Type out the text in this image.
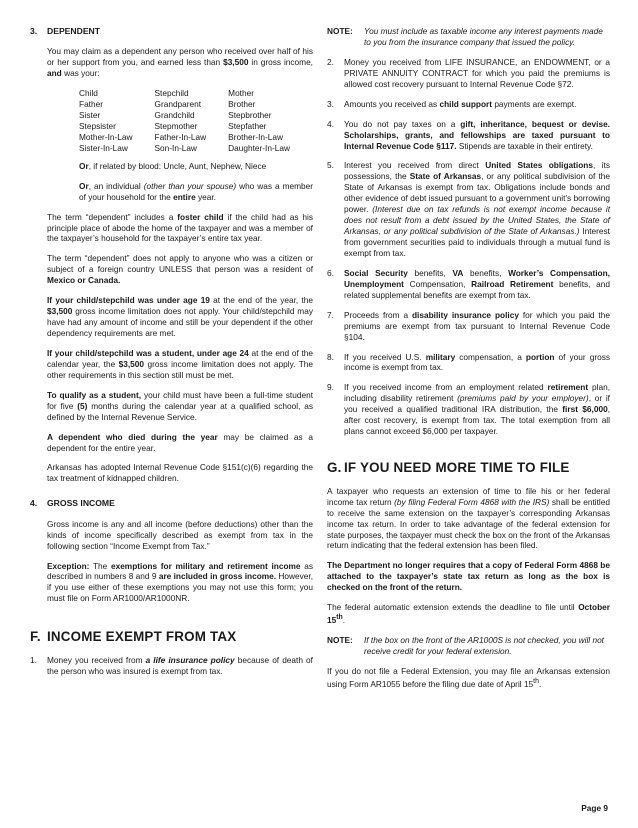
3.	DEPENDENT

You may claim as a dependent any person who received over half of his or her support from you, and earned less than $3,500 in gross income, and was your:

Child	Stepchild	Mother
Father	Grandparent	Brother
Sister	Grandchild	Stepbrother
Stepsister	Stepmother	Stepfather
Mother-In-Law	Father-In-Law	Brother-In-Law
Sister-In-Law	Son-In-Law	Daughter-In-Law

Or, if related by blood: Uncle, Aunt, Nephew, Niece

Or, an individual (other than your spouse) who was a member of your household for the entire year.

The term “dependent” includes a foster child if the child had as his principle place of abode the home of the taxpayer and was a member of the taxpayer’s household for the taxpayer’s entire tax year.

The term “dependent” does not apply to anyone who was a citizen or subject of a foreign country UNLESS that person was a resident of Mexico or Canada.

If your child/stepchild was under age 19 at the end of the year, the $3,500 gross income limitation does not apply. Your child/stepchild may have had any amount of income and still be your dependent if the other dependency requirements are met.

If your child/stepchild was a student, under age 24 at the end of the calendar year, the $3,500 gross income limitation does not apply. The other requirements in this section still must be met.

To qualify as a student, your child must have been a full-time student for five (5) months during the calendar year at a qualified school, as defined by the Internal Revenue Service.

A dependent who died during the year may be claimed as a dependent for the entire year.

Arkansas has adopted Internal Revenue Code §151(c)(6) regarding the tax treatment of kidnapped children.

4.	GROSS INCOME

Gross income is any and all income (before deductions) other than the kinds of income specifically described as exempt from tax in the following section “Income Exempt from Tax.”

Exception: The exemptions for military and retirement income as described in numbers 8 and 9 are included in gross income. However, if you use either of these exemptions you may not use this form; you must file on Form AR1000/AR1000NR.

F. INCOME EXEMPT FROM TAX
1.	Money you received from a life insurance policy because of death of the person who was insured is exempt from tax.
NOTE:	You must include as taxable income any interest payments made to you from the insurance company that issued the policy.
2.	Money you received from LIFE INSURANCE, an ENDOWMENT, or a PRIVATE ANNUITY CONTRACT for which you paid the premiums is allowed cost recovery pursuant to Internal Revenue Code §72.
3.	Amounts you received as child support payments are exempt.
4.	You do not pay taxes on a gift, inheritance, bequest or devise. Scholarships, grants, and fellowships are taxed pursuant to Internal Revenue Code §117. Stipends are taxable in their entirety.
5.	Interest you received from direct United States obligations, its possessions, the State of Arkansas, or any political subdivision of the State of Arkansas is exempt from tax. Obligations include bonds and other evidence of debt issued pursuant to a government unit’s borrowing power. (Interest due on tax refunds is not exempt income because it does not result from a debt issued by the United States, the State of Arkansas, or any political subdivision of the State of Arkansas.) Interest from government securities paid to individuals through a mutual fund is exempt from tax.
6.	Social Security benefits, VA benefits, Worker’s Compensation, Unemployment Compensation, Railroad Retirement benefits, and related supplemental benefits are exempt from tax.
7.	Proceeds from a disability insurance policy for which you paid the premiums are exempt from tax pursuant to Internal Revenue Code §104.
8.	If you received U.S. military compensation, a portion of your gross income is exempt from tax.
9.	If you received income from an employment related retirement plan, including disability retirement (premiums paid by your employer), or if you received a qualified traditional IRA distribution, the first $6,000, after cost recovery, is exempt from tax. The total exemption from all plans cannot exceed $6,000 per taxpayer.
G. IF YOU NEED MORE TIME TO FILE

A taxpayer who requests an extension of time to file his or her federal income tax return (by filing Federal Form 4868 with the IRS) shall be entitled to receive the same extension on the taxpayer’s corresponding Arkansas income tax return. In order to take advantage of the federal extension for state purposes, the taxpayer must check the box on the front of the Arkansas return indicating that the federal extension has been filed.

The Department no longer requires that a copy of Federal Form 4868 be attached to the taxpayer’s state tax return as long as the box is checked on the front of the return.

The federal automatic extension extends the deadline to file until October 15th.

NOTE:	If the box on the front of the AR1000S is not checked, you will not receive credit for your federal extension.

If you do not file a Federal Extension, you may file an Arkansas extension using Form AR1055 before the filing due date of April 15th.

Page 9
